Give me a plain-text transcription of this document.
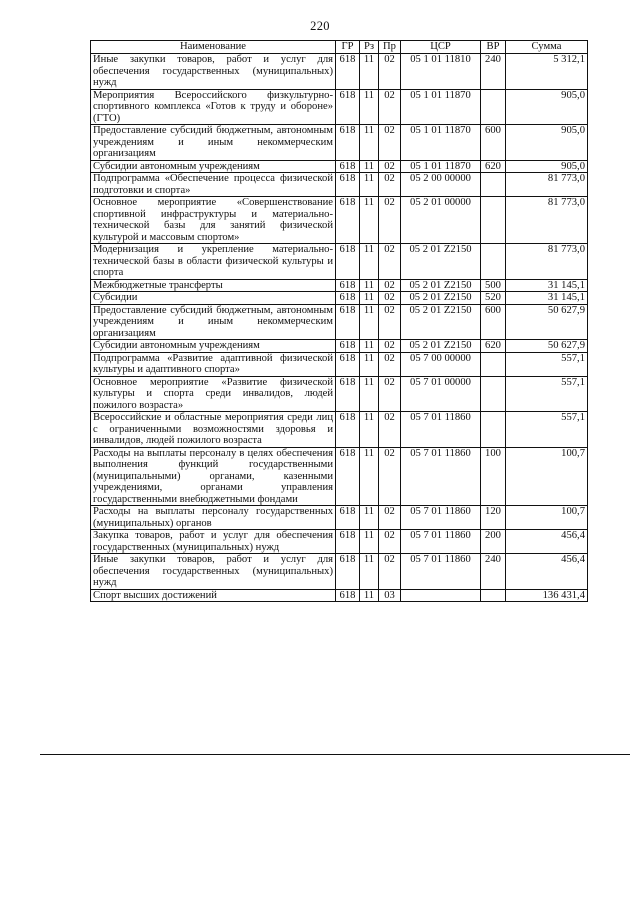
220
Наименование	ГР	Рз	Пр	ЦСР	ВР	Сумма
Иные закупки товаров, работ и услуг для обеспечения государственных (муниципальных) нужд	618	11	02	05 1 01 11810	240	5 312,1
Мероприятия Всероссийского физкультурно-спортивного комплекса «Готов к труду и обороне» (ГТО)	618	11	02	05 1 01 11870		905,0
Предоставление субсидий бюджетным, автономным учреждениям и иным некоммерческим организациям	618	11	02	05 1 01 11870	600	905,0
Субсидии автономным учреждениям	618	11	02	05 1 01 11870	620	905,0
Подпрограмма «Обеспечение процесса физической подготовки и спорта»	618	11	02	05 2 00 00000		81 773,0
Основное мероприятие «Совершенствование спортивной инфраструктуры и материально-технической базы для занятий физической культурой и массовым спортом»	618	11	02	05 2 01 00000		81 773,0
Модернизация и укрепление материально-технической базы в области физической культуры и спорта	618	11	02	05 2 01 Z2150		81 773,0
Межбюджетные трансферты	618	11	02	05 2 01 Z2150	500	31 145,1
Субсидии	618	11	02	05 2 01 Z2150	520	31 145,1
Предоставление субсидий бюджетным, автономным учреждениям и иным некоммерческим организациям	618	11	02	05 2 01 Z2150	600	50 627,9
Субсидии автономным учреждениям	618	11	02	05 2 01 Z2150	620	50 627,9
Подпрограмма «Развитие адаптивной физической культуры и адаптивного спорта»	618	11	02	05 7 00 00000		557,1
Основное мероприятие «Развитие физической культуры и спорта среди инвалидов, людей пожилого возраста»	618	11	02	05 7 01 00000		557,1
Всероссийские и областные мероприятия среди лиц с ограниченными возможностями здоровья и инвалидов, людей пожилого возраста	618	11	02	05 7 01 11860		557,1
Расходы на выплаты персоналу в целях обеспечения выполнения функций государственными (муниципальными) органами, казенными учреждениями, органами управления государственными внебюджетными фондами	618	11	02	05 7 01 11860	100	100,7
Расходы на выплаты персоналу государственных (муниципальных) органов	618	11	02	05 7 01 11860	120	100,7
Закупка товаров, работ и услуг для обеспечения государственных (муниципальных) нужд	618	11	02	05 7 01 11860	200	456,4
Иные закупки товаров, работ и услуг для обеспечения государственных (муниципальных) нужд	618	11	02	05 7 01 11860	240	456,4
Спорт высших достижений	618	11	03			136 431,4
